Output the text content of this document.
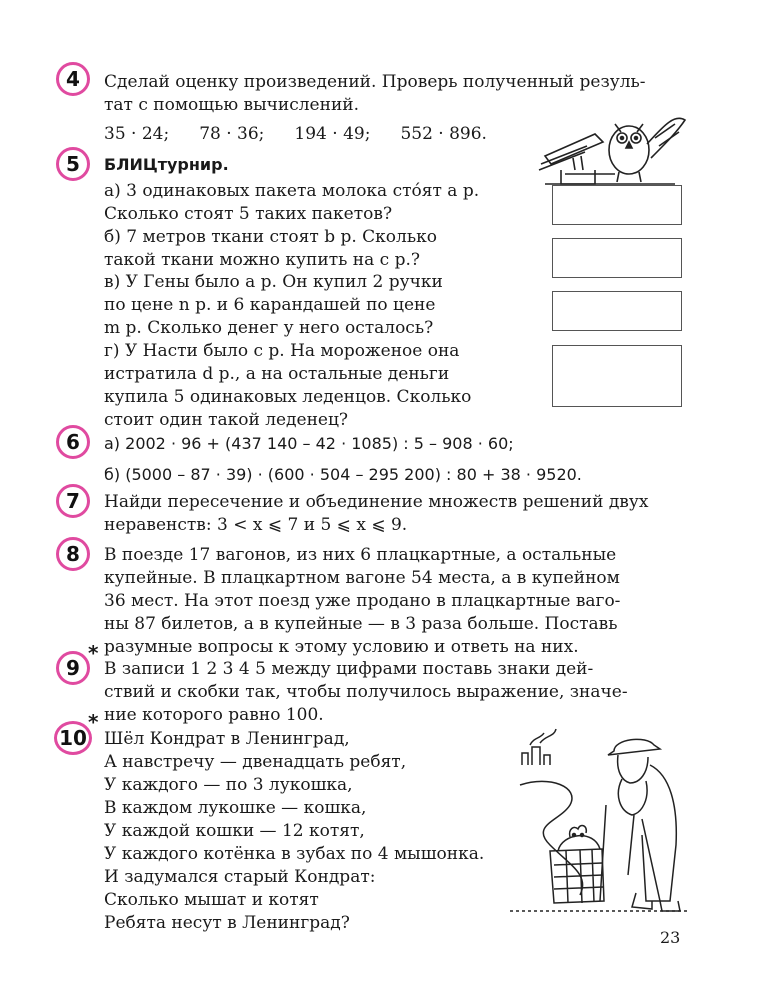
4 Сделай оценку произведений. Проверь полученный резуль-
тат с помощью вычислений.
35 · 24; 78 · 36; 194 · 49; 552 · 896.
5 БЛИЦтурнир.
а) 3 одинаковых пакета молока сто́ят a р.
Сколько стоят 5 таких пакетов?
б) 7 метров ткани стоят b р. Сколько
такой ткани можно купить на c р.?
в) У Гены было a р. Он купил 2 ручки
по цене n р. и 6 карандашей по цене
m р. Сколько денег у него осталось?
г) У Насти было c р. На мороженое она
истратила d р., а на остальные деньги
купила 5 одинаковых леденцов. Сколько
стоит один такой леденец?
6 а) 2002 · 96 + (437 140 – 42 · 1085) : 5 – 908 · 60;
б) (5000 – 87 · 39) · (600 · 504 – 295 200) : 80 + 38 · 9520.
7 Найди пересечение и объединение множеств решений двух
неравенств: 3 < x ⩽ 7 и 5 ⩽ x ⩽ 9.
8 В поезде 17 вагонов, из них 6 плацкартные, а остальные
купейные. В плацкартном вагоне 54 места, а в купейном
36 мест. На этот поезд уже продано в плацкартные ваго-
ны 87 билетов, а в купейные — в 3 раза больше. Поставь
разумные вопросы к этому условию и ответь на них.
*
9 В записи 1 2 3 4 5 между цифрами поставь знаки дей-
ствий и скобки так, чтобы получилось выражение, значе-
ние которого равно 100.
*
10 Шёл Кондрат в Ленинград,
А навстречу — двенадцать ребят,
У каждого — по 3 лукошка,
В каждом лукошке — кошка,
У каждой кошки — 12 котят,
У каждого котёнка в зубах по 4 мышонка.
И задумался старый Кондрат:
Сколько мышат и котят
Ребята несут в Ленинград?
23
